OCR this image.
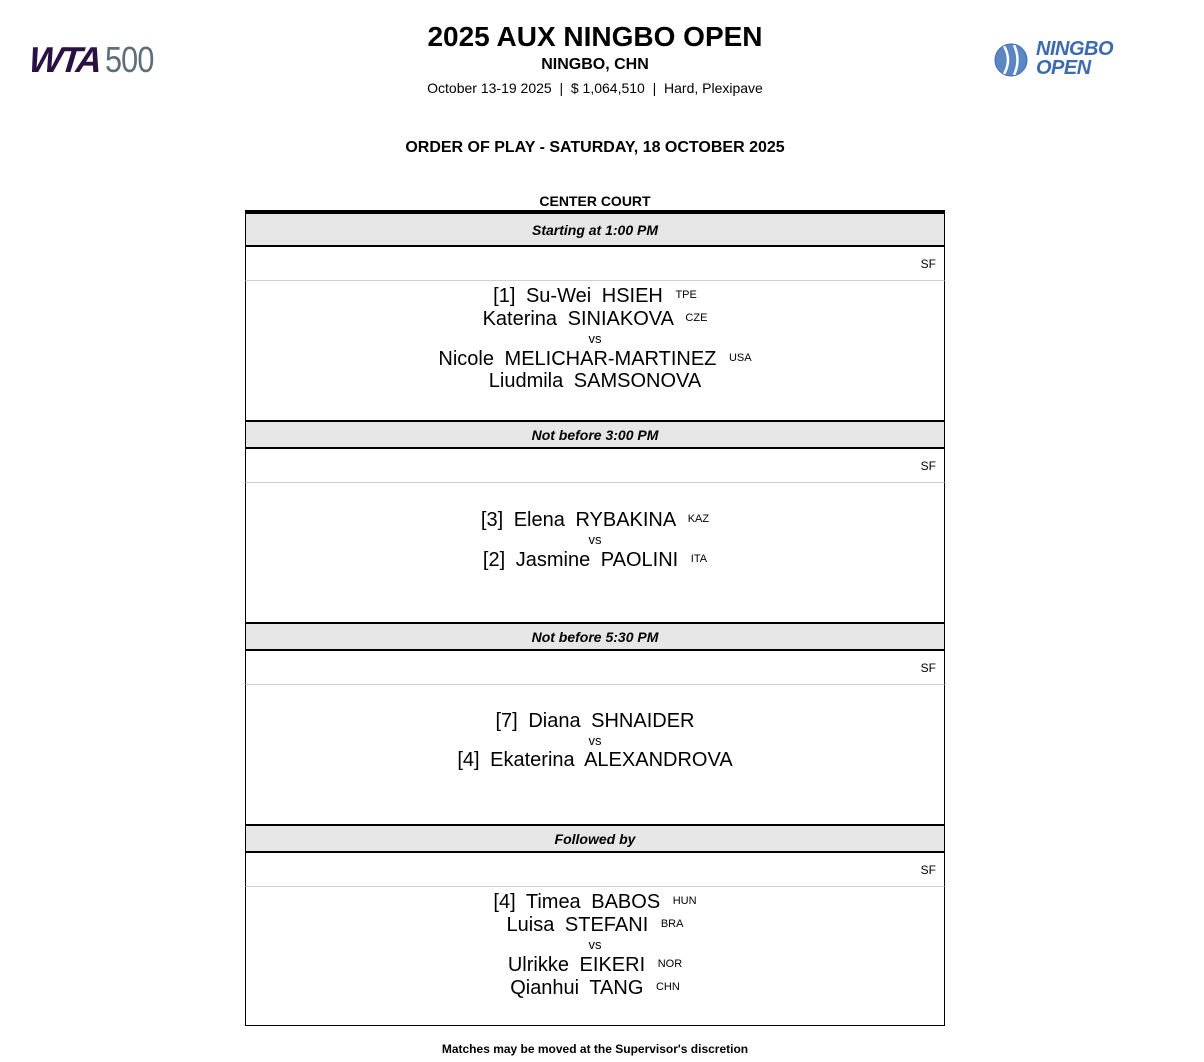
WTA 500	NINGBO
OPEN
2025 AUX NINGBO OPEN
NINGBO, CHN
October 13-19 2025  |  $ 1,064,510  |  Hard, Plexipave
ORDER OF PLAY - SATURDAY, 18 OCTOBER 2025
CENTER COURT
Starting at 1:00 PM
SF
[1] Su-Wei HSIEH $^{TPE}$
Katerina SINIAKOVA $^{CZE}$
vs
Nicole MELICHAR-MARTINEZ $^{USA}$
Liudmila SAMSONOVA
Not before 3:00 PM
SF
[3] Elena RYBAKINA $^{KAZ}$
vs
[2] Jasmine PAOLINI $^{ITA}$
Not before 5:30 PM
SF
[7] Diana SHNAIDER
vs
[4] Ekaterina ALEXANDROVA
Followed by
SF
[4] Timea BABOS $^{HUN}$
Luisa STEFANI $^{BRA}$
vs
Ulrikke EIKERI $^{NOR}$
Qianhui TANG $^{CHN}$
Matches may be moved at the Supervisor's discretion
